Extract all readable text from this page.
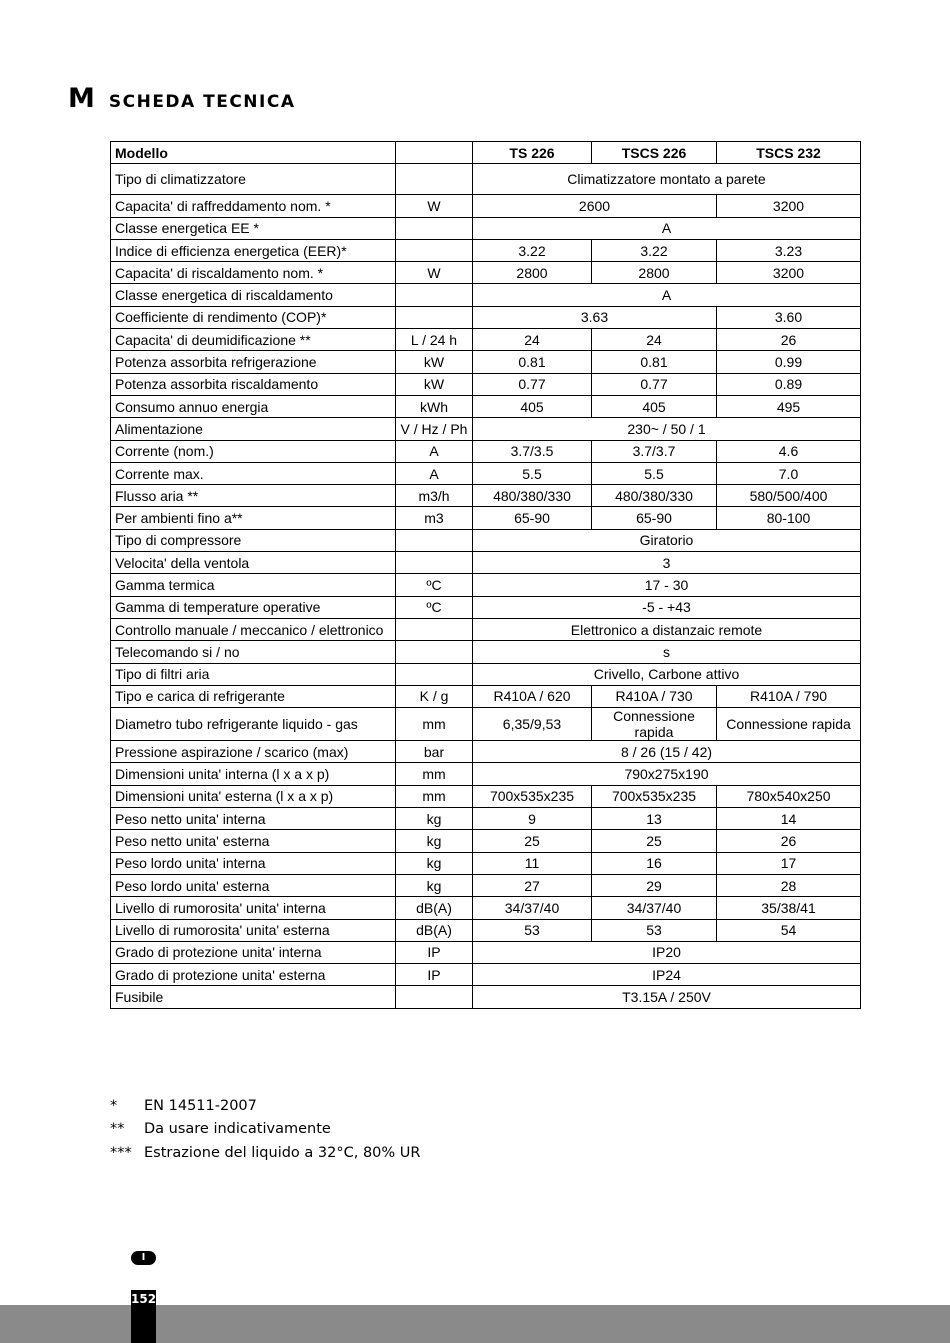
M SCHEDA TECNICA
Modello		TS 226	TSCS 226	TSCS 232
Tipo di climatizzatore		Climatizzatore montato a parete		
Capacita' di raffreddamento nom. *	W	2600		3200
Classe energetica EE *		A		
Indice di efficienza energetica (EER)*		3.22	3.22	3.23
Capacita' di riscaldamento nom. *	W	2800	2800	3200
Classe energetica di riscaldamento		A		
Coefficiente di rendimento (COP)*		3.63		3.60
Capacita' di deumidificazione **	L / 24 h	24	24	26
Potenza assorbita refrigerazione	kW	0.81	0.81	0.99
Potenza assorbita riscaldamento	kW	0.77	0.77	0.89
Consumo annuo energia	kWh	405	405	495
Alimentazione	V / Hz / Ph	230~ / 50 / 1		
Corrente (nom.)	A	3.7/3.5	3.7/3.7	4.6
Corrente max.	A	5.5	5.5	7.0
Flusso aria **	m3/h	480/380/330	480/380/330	580/500/400
Per ambienti fino a**	m3	65-90	65-90	80-100
Tipo di compressore		Giratorio		
Velocita' della ventola		3		
Gamma termica	ºC	17 - 30		
Gamma di temperature operative	ºC	-5 - +43		
Controllo manuale / meccanico / elettronico		Elettronico a distanzaic remote		
Telecomando si / no		s		
Tipo di filtri aria		Crivello, Carbone attivo		
Tipo e carica di refrigerante	K / g	R410A / 620	R410A / 730	R410A / 790
Diametro tubo refrigerante liquido - gas	mm	6,35/9,53	Connessione rapida	Connessione rapida
Pressione aspirazione / scarico (max)	bar	8 / 26 (15 / 42)		
Dimensioni unita' interna (l x a x p)	mm	790x275x190		
Dimensioni unita' esterna (l x a x p)	mm	700x535x235	700x535x235	780x540x250
Peso netto unita' interna	kg	9	13	14
Peso netto unita' esterna	kg	25	25	26
Peso lordo unita' interna	kg	11	16	17
Peso lordo unita' esterna	kg	27	29	28
Livello di rumorosita' unita' interna	dB(A)	34/37/40	34/37/40	35/38/41
Livello di rumorosita' unita' esterna	dB(A)	53	53	54
Grado di protezione unita' interna	IP	IP20		
Grado di protezione unita' esterna	IP	IP24		
Fusibile		T3.15A / 250V		
*	EN 14511-2007
**	Da usare indicativamente
*** Estrazione del liquido a 32°C, 80% UR
I
152
